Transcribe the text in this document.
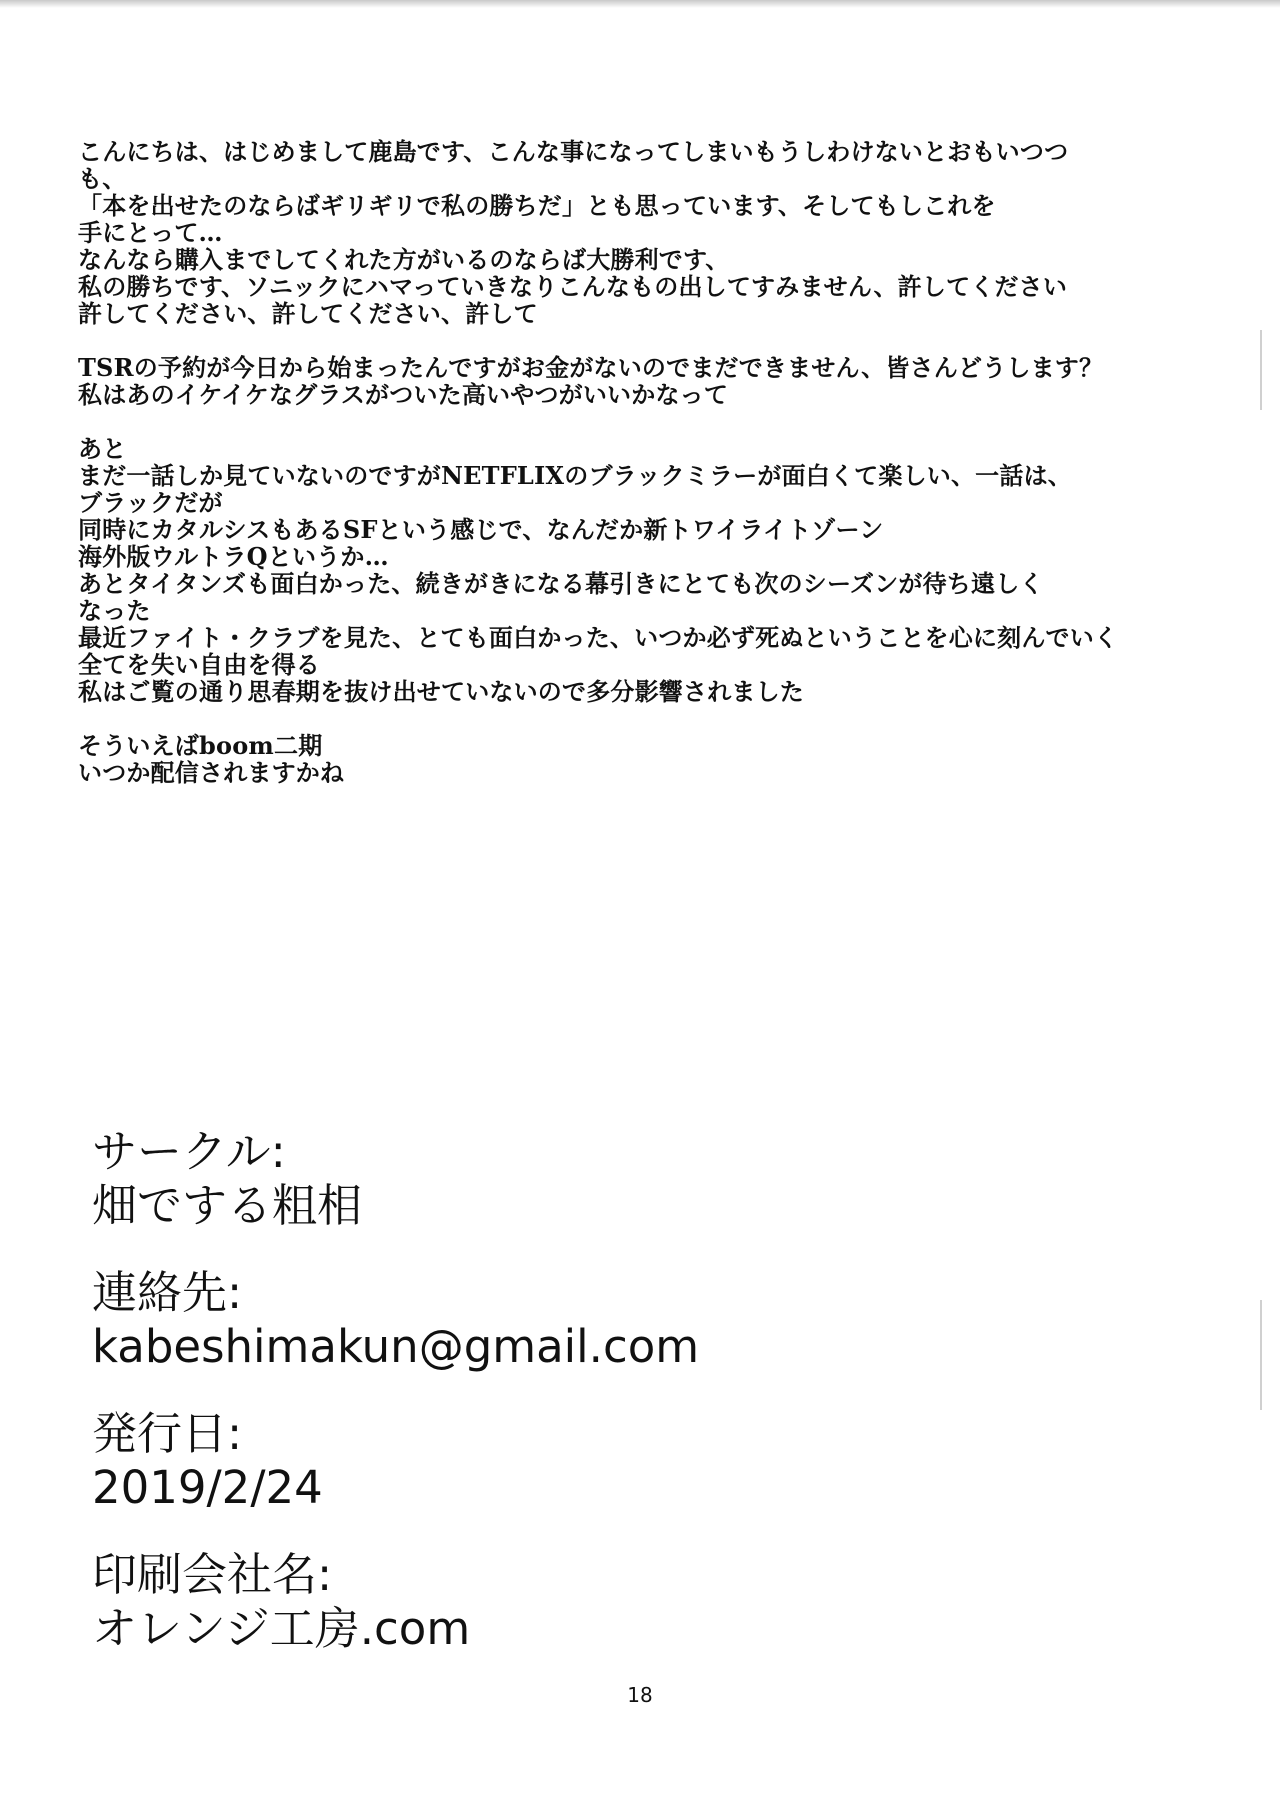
こんにちは、はじめまして鹿島です、こんな事になってしまいもうしわけないとおもいつつ
も、
「本を出せたのならばギリギリで私の勝ちだ」とも思っています、そしてもしこれを
手にとって…
なんなら購入までしてくれた方がいるのならば大勝利です、
私の勝ちです、ソニックにハマっていきなりこんなもの出してすみません、許してください
許してください、許してください、許して

TSRの予約が今日から始まったんですがお金がないのでまだできません、皆さんどうします？
私はあのイケイケなグラスがついた高いやつがいいかなって

あと
まだ一話しか見ていないのですがNETFLIXのブラックミラーが面白くて楽しい、一話は、
ブラックだが
同時にカタルシスもあるSFという感じで、なんだか新トワイライトゾーン
海外版ウルトラQというか…
あとタイタンズも面白かった、続きがきになる幕引きにとても次のシーズンが待ち遠しく
なった
最近ファイト・クラブを見た、とても面白かった、いつか必ず死ぬということを心に刻んでいく
全てを失い自由を得る
私はご覧の通り思春期を抜け出せていないので多分影響されました

そういえばboom二期
いつか配信されますかね

サークル:
畑でする粗相
連絡先:
kabeshimakun@gmail.com
発行日:
2019/2/24
印刷会社名:
オレンジ工房.com
18
